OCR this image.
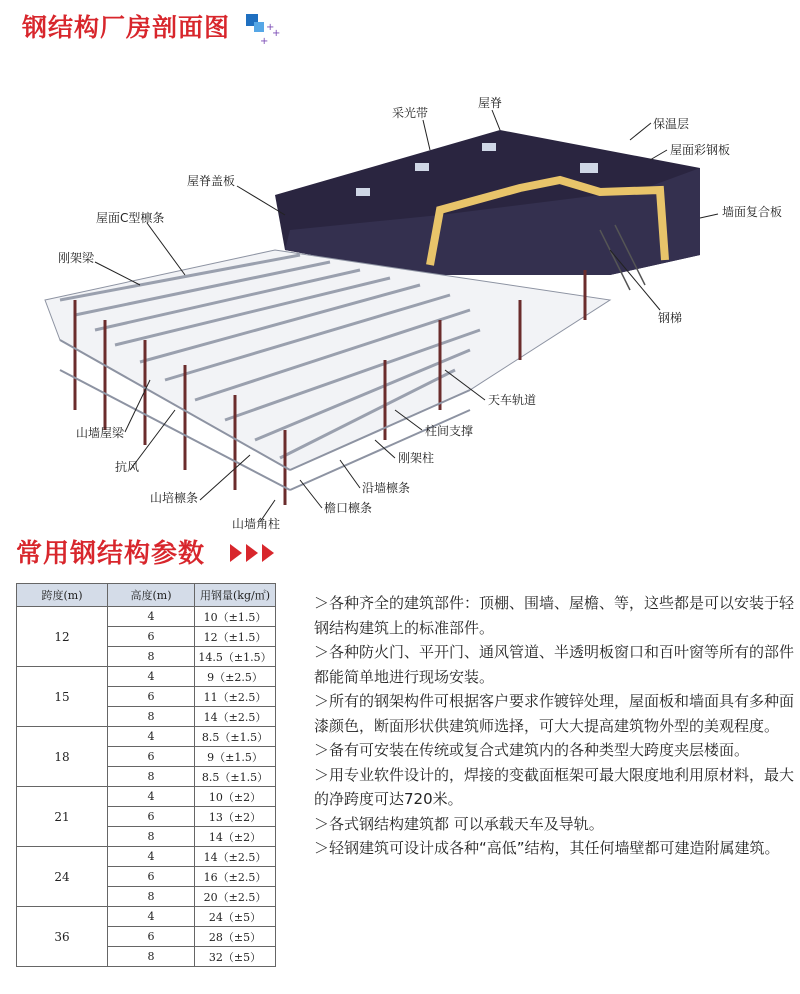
钢结构厂房剖面图	+
+
+
屋脊
采光带
保温层
屋面彩钢板
屋脊盖板
墙面复合板
屋面C型檩条
刚架梁
钢梯
天车轨道
柱间支撑
山墙屋梁
刚架柱
抗风
沿墙檩条
山培檩条
檐口檩条
山墙角柱
常用钢结构参数
跨度(m)	高度(m)	用钢量(kg/㎡)
12	4	10（±1.5）
	6	12（±1.5）
	8	14.5（±1.5）
15	4	9（±2.5）
	6	11（±2.5）
	8	14（±2.5）
18	4	8.5（±1.5）
	6	9（±1.5）
	8	8.5（±1.5）
21	4	10（±2）
	6	13（±2）
	8	14（±2）
24	4	14（±2.5）
	6	16（±2.5）
	8	20（±2.5）
36	4	24（±5）
	6	28（±5）
	8	32（±5）

＞各种齐全的建筑部件：顶棚、围墙、屋檐、等，这些都是可以安装于轻钢结构建筑上的标准部件。

＞各种防火门、平开门、通风管道、半透明板窗口和百叶窗等所有的部件都能简单地进行现场安装。

＞所有的钢架构件可根据客户要求作镀锌处理，屋面板和墙面具有多种面漆颜色，断面形状供建筑师选择，可大大提高建筑物外型的美观程度。

＞备有可安装在传统或复合式建筑内的各种类型大跨度夹层楼面。

＞用专业软件设计的，焊接的变截面框架可最大限度地利用原材料，最大的净跨度可达720米。

＞各式钢结构建筑都 可以承载天车及导轨。

＞轻钢建筑可设计成各种“高低”结构，其任何墙壁都可建造附属建筑。
